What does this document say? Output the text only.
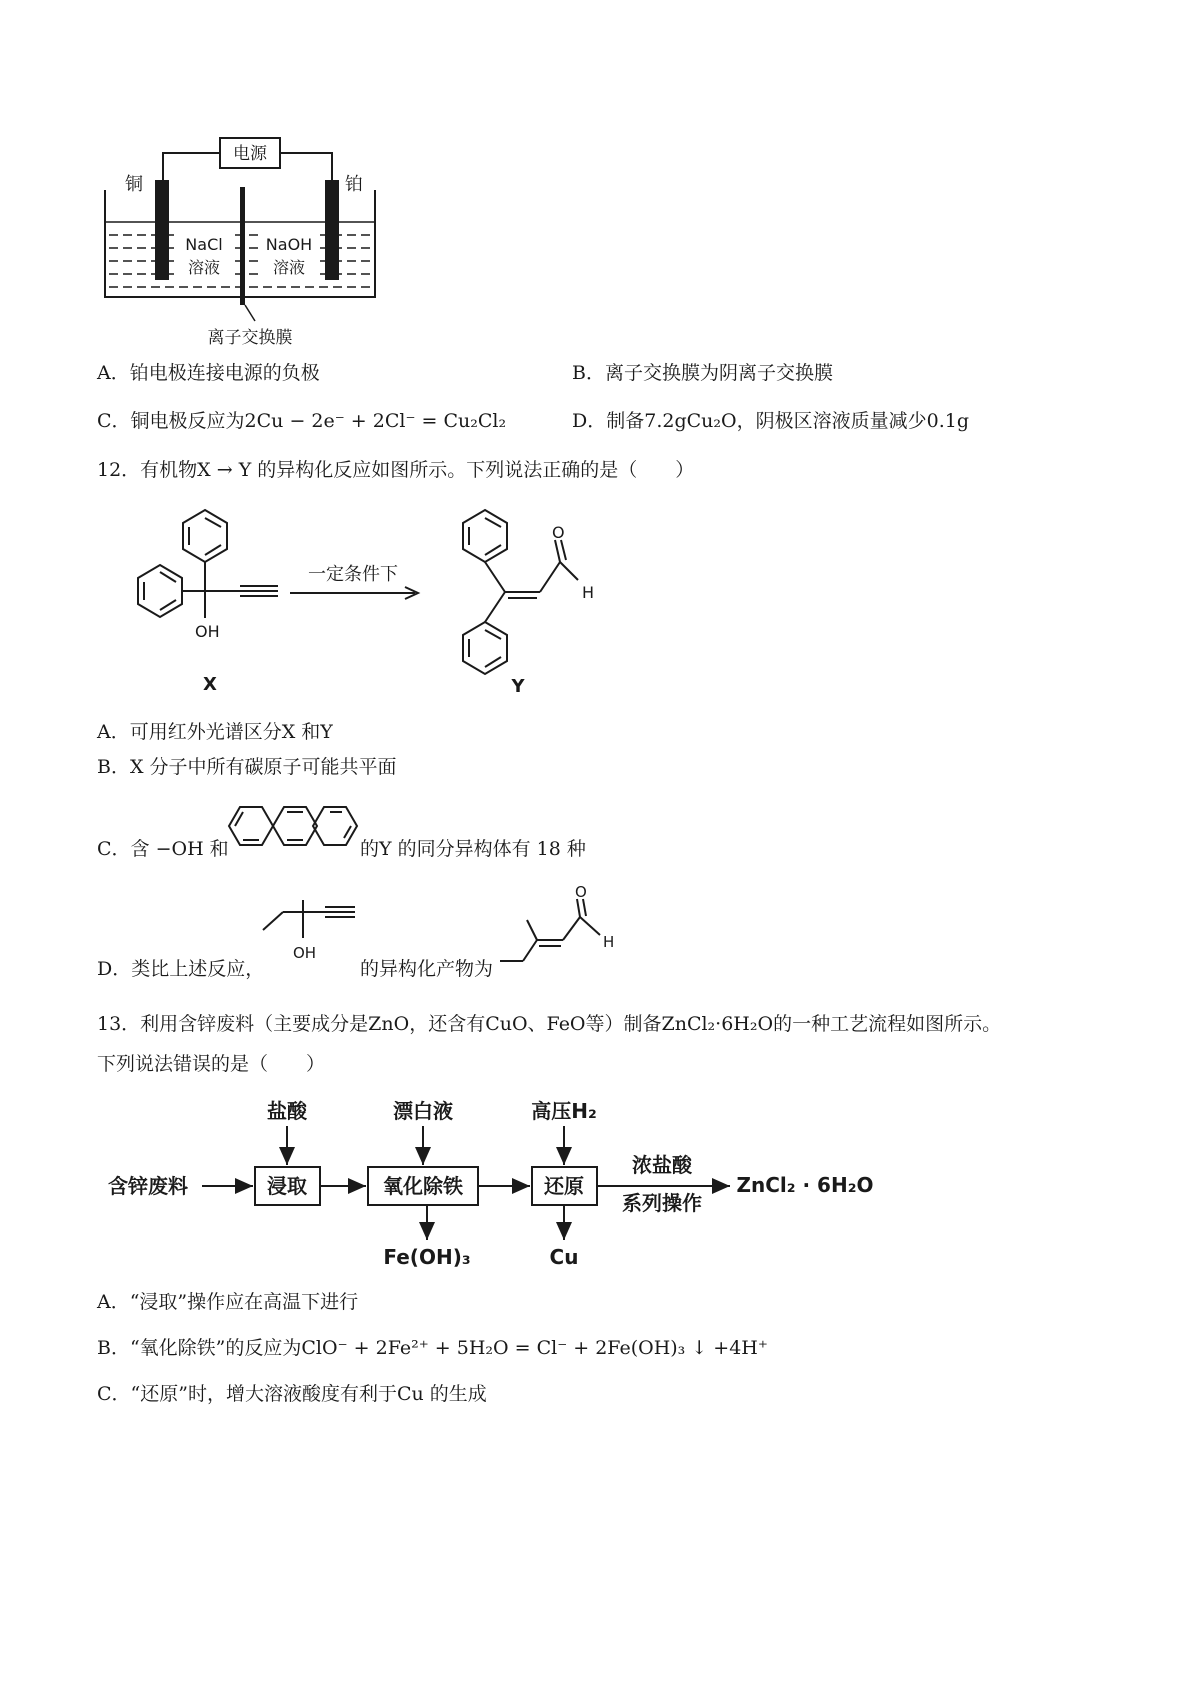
电源
铜	铂
NaCl
溶液
NaOH
溶液
离子交换膜
A．铂电极连接电源的负极	B．离子交换膜为阴离子交换膜
C．铜电极反应为2Cu − 2e⁻ + 2Cl⁻ = Cu₂Cl₂	D．制备7.2gCu₂O，阴极区溶液质量减少0.1g
12．有机物X → Y 的异构化反应如图所示。下列说法正确的是（　　）
一定条件下
OH
X
O
H
Y
A．可用红外光谱区分X 和Y
B．X 分子中所有碳原子可能共平面
C．含 −OH 和	的Y 的同分异构体有 18 种
D．类比上述反应，
OH
的异构化产物为
O
H
13．利用含锌废料（主要成分是ZnO，还含有CuO、FeO等）制备ZnCl₂·6H₂O的一种工艺流程如图所示。
下列说法错误的是（　　）
盐酸	漂白液	高压H₂
含锌废料	浸取	氧化除铁	还原
浓盐酸
系列操作
ZnCl₂ · 6H₂O
Fe(OH)₃	Cu
A．“浸取”操作应在高温下进行
B．“氧化除铁”的反应为ClO⁻ + 2Fe²⁺ + 5H₂O = Cl⁻ + 2Fe(OH)₃ ↓ +4H⁺
C．“还原”时，增大溶液酸度有利于Cu 的生成
